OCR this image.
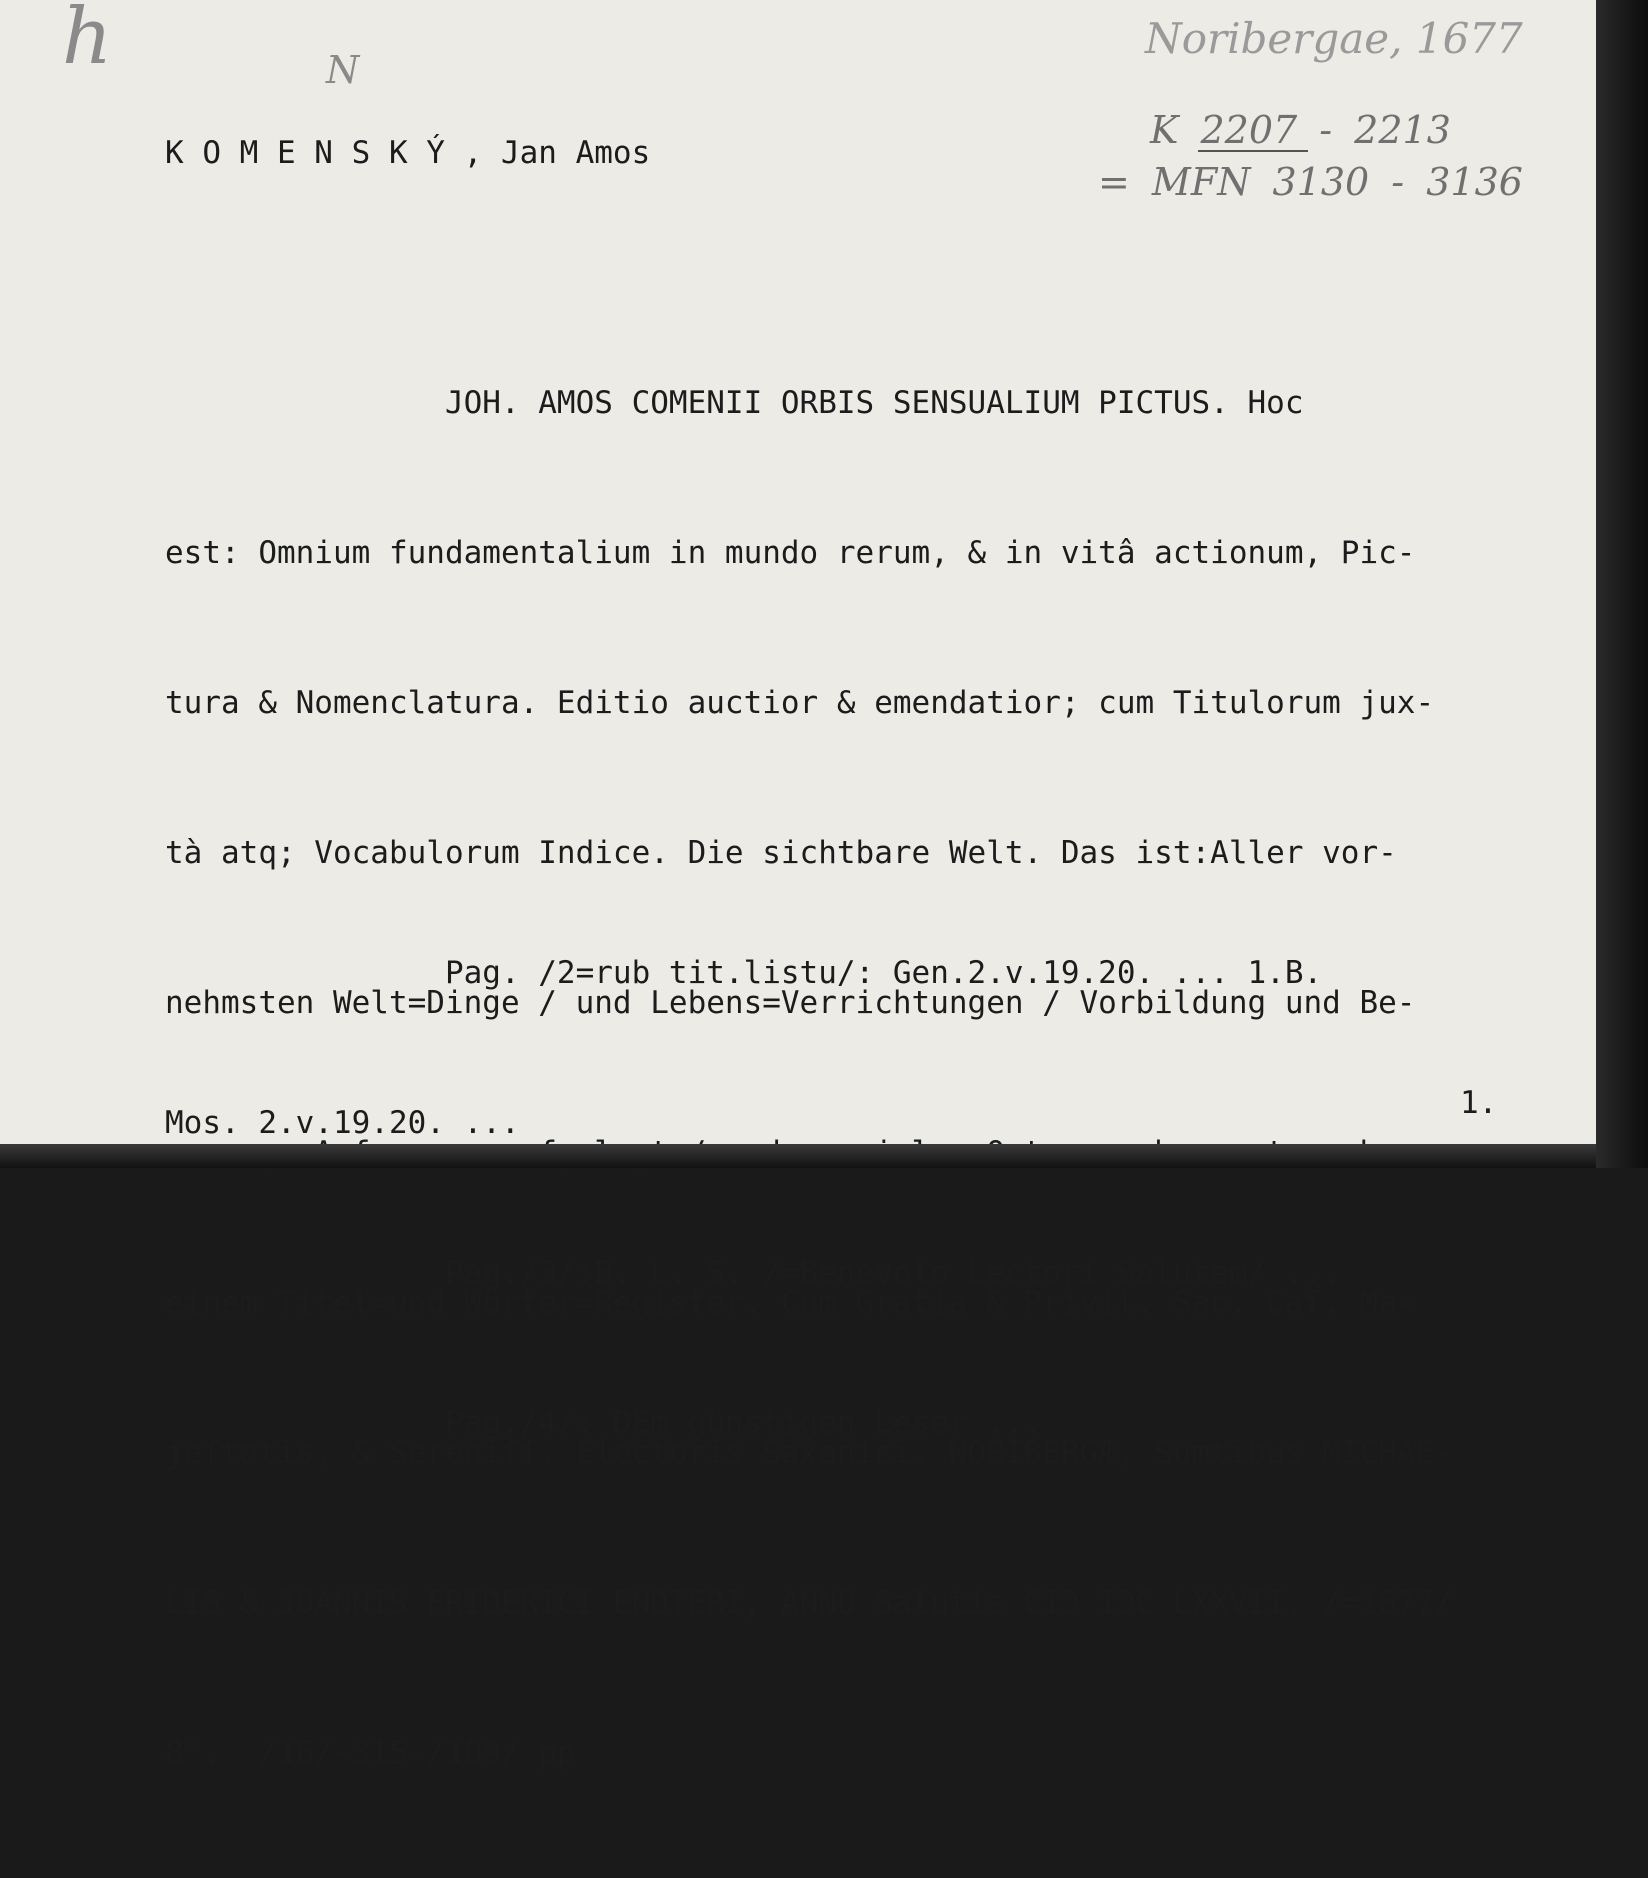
h	N
Noribergae, 1677
K 2207 - 2213
= MFN 3130 - 3136
K O M E N S K Ý , Jan Amos

JOH. AMOS COMENII ORBIS SENSUALIUM PICTUS. Hoc

est: Omnium fundamentalium in mundo rerum, & in vitâ actionum, Pic-

tura & Nomenclatura. Editio auctior & emendatior; cum Titulorum jux-

tà atq; Vocabulorum Indice. Die sichtbare Welt. Das ist:Aller vor-

nehmsten Welt=Dinge / und Lebens=Verrichtungen / Vorbildung und Be-

einem Titel=und Wörter=Register. Cum Gratia & Privil. Sac. Caſ. Ma-

jeſtatis, & Sereniſſ. Electoris Saxonici. NORIBERGÆ, Sumtibus MICHAE-

LIS & JOANNIS FRIDERICI ENDTERI, ANNO Salutis CIƆ IƆC LXXVII. /=1677/

8°.  /16/-315-/109/ pp

Pag. /2=rub tit.listu/: Gen.2.v.19.20. ... 1.B.

Mos. 2.v.19.20. ...

Pag./3/:B. L. S. /=Benevolo Lectori Salutem/ ...

Pag./4/: DEm günstigen Leser ...

1.
